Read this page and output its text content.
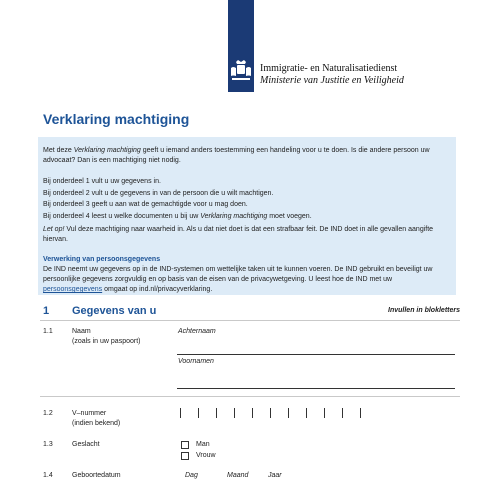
Immigratie- en Naturalisatiedienst
Ministerie van Justitie en Veiligheid
Verklaring machtiging

Met deze Verklaring machtiging geeft u iemand anders toestemming een handeling voor u te doen. Is die andere persoon uw advocaat? Dan is een machtiging niet nodig.

Bij onderdeel 1 vult u uw gegevens in.

Bij onderdeel 2 vult u de gegevens in van de persoon die u wilt machtigen.

Bij onderdeel 3 geeft u aan wat de gemachtigde voor u mag doen.

Bij onderdeel 4 leest u welke documenten u bij uw Verklaring machtiging moet voegen.

Let op! Vul deze machtiging naar waarheid in. Als u dat niet doet is dat een strafbaar feit. De IND doet in alle gevallen aangifte hiervan.

Verwerking van persoonsgegevens

De IND neemt uw gegevens op in de IND-systemen om wettelijke taken uit te kunnen voeren. De IND gebruikt en beveiligt uw persoonlijke gegevens zorgvuldig en op basis van de eisen van de privacywetgeving. U leest hoe de IND met uw persoonsgegevens omgaat op ind.nl/privacyverklaring.

1 Gegevens van u	Invullen in blokletters
1.1	Naam
(zoals in uw paspoort)
Achternaam
Voornamen
1.2	V–nummer
(indien bekend)
1.3	Geslacht	Man
Vrouw
1.4	Geboortedatum	Dag	Maand	Jaar
